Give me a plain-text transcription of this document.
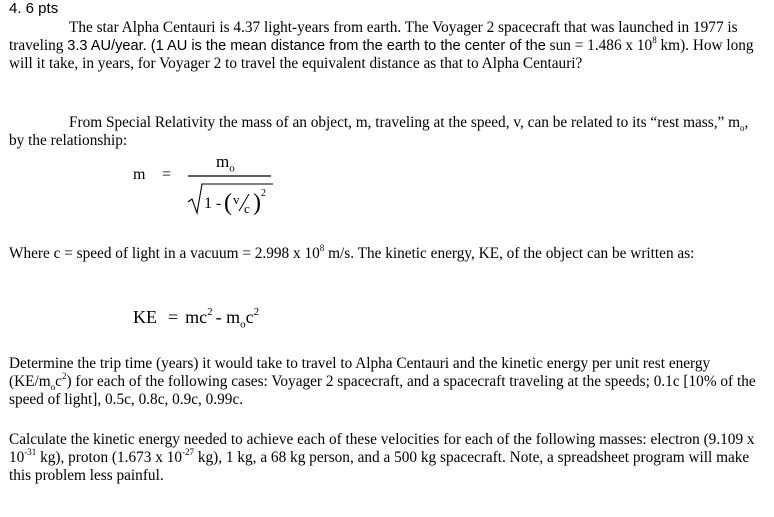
4. 6 pts

The star Alpha Centauri is 4.37 light-years from earth. The Voyager 2 spacecraft that was launched in 1977 is traveling 3.3 AU/year. (1 AU is the mean distance from the earth to the center of the sun = 1.486 x $10^8$ km). How long will it take, in years, for Voyager 2 to travel the equivalent distance as that to Alpha Centauri?

From Special Relativity the mass of an object, m, traveling at the speed, v, can be related to its “rest mass,” $m_o$, by the relationship:

m =
$m_o$
1 - ( v
c ) 2

Where c = speed of light in a vacuum = 2.998 x $10^8$ m/s. The kinetic energy, KE, of the object can be written as:

KE = $mc^2 - m_oc^2$

Determine the trip time (years) it would take to travel to Alpha Centauri and the kinetic energy per unit rest energy $(KE/m_oc^2)$ for each of the following cases: Voyager 2 spacecraft, and a spacecraft traveling at the speeds; 0.1c [10% of the speed of light], 0.5c, 0.8c, 0.9c, 0.99c.

Calculate the kinetic energy needed to achieve each of these velocities for each of the following masses: electron (9.109 x $10^{-31}$ kg), proton (1.673 x $10^{-27}$ kg), 1 kg, a 68 kg person, and a 500 kg spacecraft. Note, a spreadsheet program will make this problem less painful.
